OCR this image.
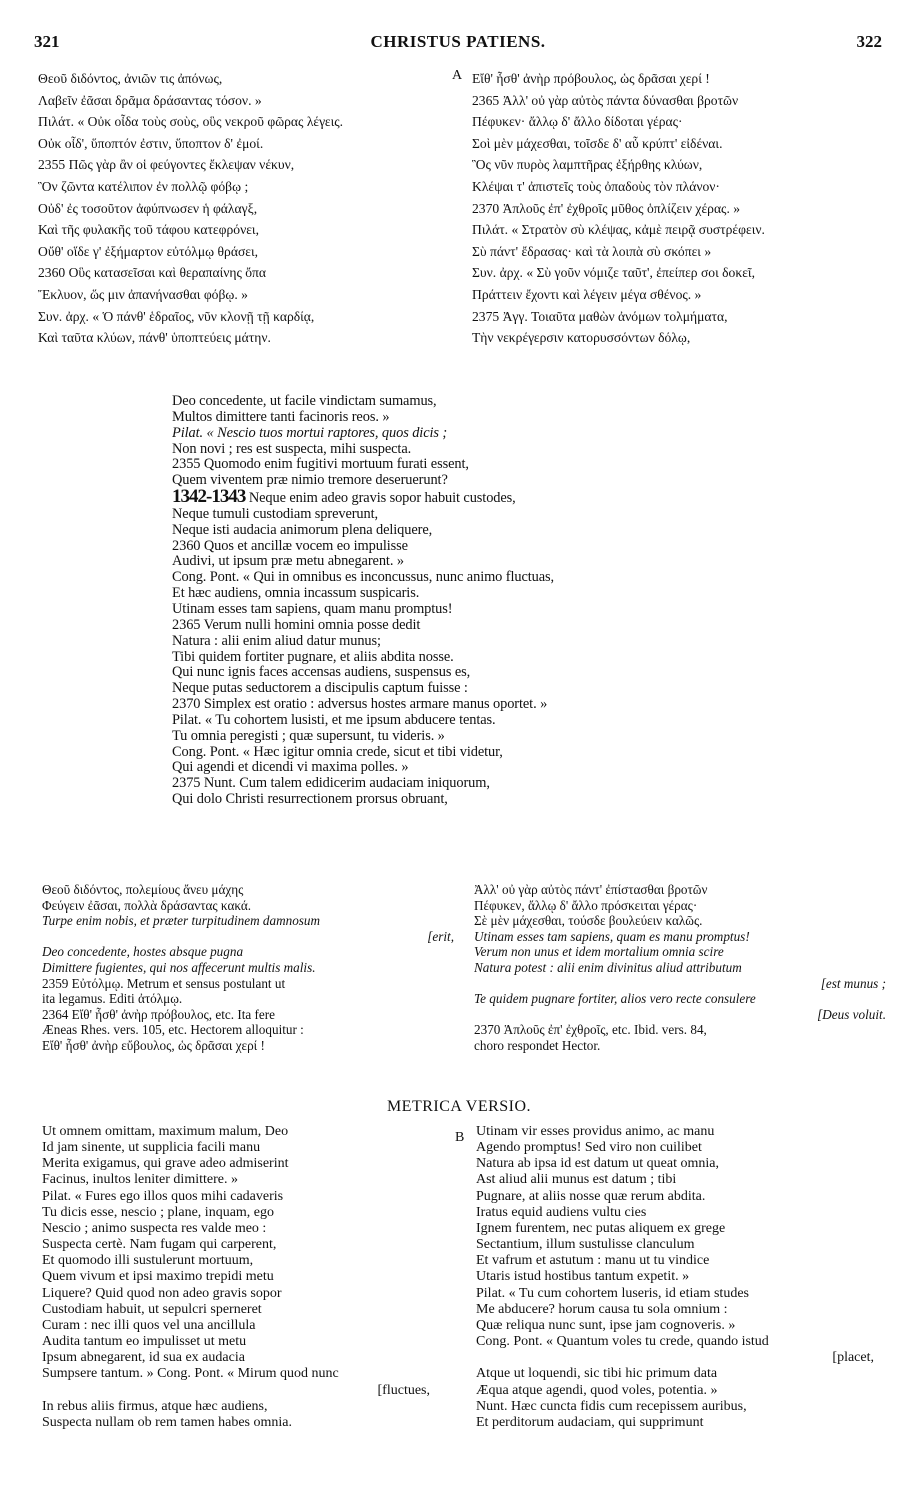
321	CHRISTUS PATIENS.	322
A
Θεοῦ διδόντος, ἀνιῶν τις ἀπόνως,
Λαβεῖν ἐᾶσαι δρᾶμα δράσαντας τόσον. »
Πιλάτ. « Οὐκ οἶδα τοὺς σοὺς, οὓς νεκροῦ φῶρας λέγεις.
Οὐκ οἶδ', ὕποπτόν ἐστιν, ὕποπτον δ' ἐμοί.
2355 Πῶς γὰρ ἂν οἱ φεύγοντες ἔκλεψαν νέκυν,
Ὃν ζῶντα κατέλιπον ἐν πολλῷ φόβῳ ;
Οὐδ' ἐς τοσοῦτον ἀφύπνωσεν ἡ φάλαγξ,
Καὶ τῆς φυλακῆς τοῦ τάφου κατεφρόνει,
Οὔθ' οἵδε γ' ἐξήμαρτον εὐτόλμῳ θράσει,
2360 Οὓς κατασεῖσαι καὶ θεραπαίνης ὄπα
Ἔκλυον, ὥς μιν ἀπανήνασθαι φόβῳ. »
Συν. ἀρχ. « Ὁ πάνθ' ἑδραῖος, νῦν κλονῇ τῇ καρδίᾳ,
Καὶ ταῦτα κλύων, πάνθ' ὑποπτεύεις μάτην.
Εἴθ' ἦσθ' ἀνὴρ πρόβουλος, ὡς δρᾶσαι χερί !
2365 Ἀλλ' οὐ γὰρ αὐτὸς πάντα δύνασθαι βροτῶν
Πέφυκεν· ἄλλῳ δ' ἄλλο δίδοται γέρας·
Σοὶ μὲν μάχεσθαι, τοῖσδε δ' αὖ κρύπτ' εἰδέναι.
Ὃς νῦν πυρὸς λαμπτῆρας ἐξήρθης κλύων,
Κλέψαι τ' ἀπιστεῖς τοὺς ὀπαδοὺς τὸν πλάνον·
2370 Ἁπλοῦς ἐπ' ἐχθροῖς μῦθος ὁπλίζειν χέρας. »
Πιλάτ. « Στρατὸν σὺ κλέψας, κἀμὲ πειρᾷ συστρέφειν.
Σὺ πάντ' ἔδρασας· καὶ τὰ λοιπὰ σὺ σκόπει »
Συν. ἀρχ. « Σὺ γοῦν νόμιζε ταῦτ', ἐπείπερ σοι δοκεῖ,
Πράττειν ἔχοντι καὶ λέγειν μέγα σθένος. »
2375 Ἀγγ. Τοιαῦτα μαθὼν ἀνόμων τολμήματα,
Τὴν νεκρέγερσιν κατορυσσόντων δόλῳ,
Deo concedente, ut facile vindictam sumamus,
Multos dimittere tanti facinoris reos. »
Pilat. « Nescio tuos mortui raptores, quos dicis ;
Non novi ; res est suspecta, mihi suspecta.
2355 Quomodo enim fugitivi mortuum furati essent,
Quem viventem præ nimio tremore deseruerunt?
1342-1343 Neque enim adeo gravis sopor habuit custodes,
Neque tumuli custodiam spreverunt,
Neque isti audacia animorum plena deliquere,
2360 Quos et ancillæ vocem eo impulisse
Audivi, ut ipsum præ metu abnegarent. »
Cong. Pont. « Qui in omnibus es inconcussus, nunc animo fluctuas,
Et hæc audiens, omnia incassum suspicaris.
Utinam esses tam sapiens, quam manu promptus!
2365 Verum nulli homini omnia posse dedit
Natura : alii enim aliud datur munus;
Tibi quidem fortiter pugnare, et aliis abdita nosse.
Qui nunc ignis faces accensas audiens, suspensus es,
Neque putas seductorem a discipulis captum fuisse :
2370 Simplex est oratio : adversus hostes armare manus oportet. »
Pilat. « Tu cohortem lusisti, et me ipsum abducere tentas.
Tu omnia peregisti ; quæ supersunt, tu videris. »
Cong. Pont. « Hæc igitur omnia crede, sicut et tibi videtur,
Qui agendi et dicendi vi maxima polles. »
2375 Nunt. Cum talem edidicerim audaciam iniquorum,
Qui dolo Christi resurrectionem prorsus obruant,
Θεοῦ διδόντος, πολεμίους ἄνευ μάχης
Φεύγειν ἐᾶσαι, πολλὰ δράσαντας κακά.
Turpe enim nobis, et præter turpitudinem damnosum
[erit,
Deo concedente, hostes absque pugna
Dimittere fugientes, qui nos affecerunt multis malis.
2359 Εὐτόλμῳ. Metrum et sensus postulant ut
ita legamus. Editi ἀτόλμῳ.
2364 Εἴθ' ἦσθ' ἀνὴρ πρόβουλος, etc. Ita fere
Æneas Rhes. vers. 105, etc. Hectorem alloquitur :
Εἴθ' ἦσθ' ἀνὴρ εὔβουλος, ὡς δρᾶσαι χερί !
Ἀλλ' οὐ γὰρ αὐτὸς πάντ' ἐπίστασθαι βροτῶν
Πέφυκεν, ἄλλῳ δ' ἄλλο πρόσκειται γέρας·
Σὲ μὲν μάχεσθαι, τούσδε βουλεύειν καλῶς.
Utinam esses tam sapiens, quam es manu promptus!
Verum non unus et idem mortalium omnia scire
Natura potest : alii enim divinitus aliud attributum
[est munus ;
Te quidem pugnare fortiter, alios vero recte consulere
[Deus voluit.
2370 Ἁπλοῦς ἐπ' ἐχθροῖς, etc. Ibid. vers. 84,
choro respondet Hector.
METRICA VERSIO.
B
Ut omnem omittam, maximum malum, Deo
Id jam sinente, ut supplicia facili manu
Merita exigamus, qui grave adeo admiserint
Facinus, inultos leniter dimittere. »
Pilat. « Fures ego illos quos mihi cadaveris
Tu dicis esse, nescio ; plane, inquam, ego
Nescio ; animo suspecta res valde meo :
Suspecta certè. Nam fugam qui carperent,
Et quomodo illi sustulerunt mortuum,
Quem vivum et ipsi maximo trepidi metu
Liquere? Quid quod non adeo gravis sopor
Custodiam habuit, ut sepulcri sperneret
Curam : nec illi quos vel una ancillula
Audita tantum eo impulisset ut metu
Ipsum abnegarent, id sua ex audacia
Sumpsere tantum. » Cong. Pont. « Mirum quod nunc
[fluctues,
In rebus aliis firmus, atque hæc audiens,
Suspecta nullam ob rem tamen habes omnia.
Utinam vir esses providus animo, ac manu
Agendo promptus! Sed viro non cuilibet
Natura ab ipsa id est datum ut queat omnia,
Ast aliud alii munus est datum ; tibi
Pugnare, at aliis nosse quæ rerum abdita.
Iratus equid audiens vultu cies
Ignem furentem, nec putas aliquem ex grege
Sectantium, illum sustulisse clanculum
Et vafrum et astutum : manu ut tu vindice
Utaris istud hostibus tantum expetit. »
Pilat. « Tu cum cohortem luseris, id etiam studes
Me abducere? horum causa tu sola omnium :
Quæ reliqua nunc sunt, ipse jam cognoveris. »
Cong. Pont. « Quantum voles tu crede, quando istud
[placet,
Atque ut loquendi, sic tibi hic primum data
Æqua atque agendi, quod voles, potentia. »
Nunt. Hæc cuncta fidis cum recepissem auribus,
Et perditorum audaciam, qui supprimunt
